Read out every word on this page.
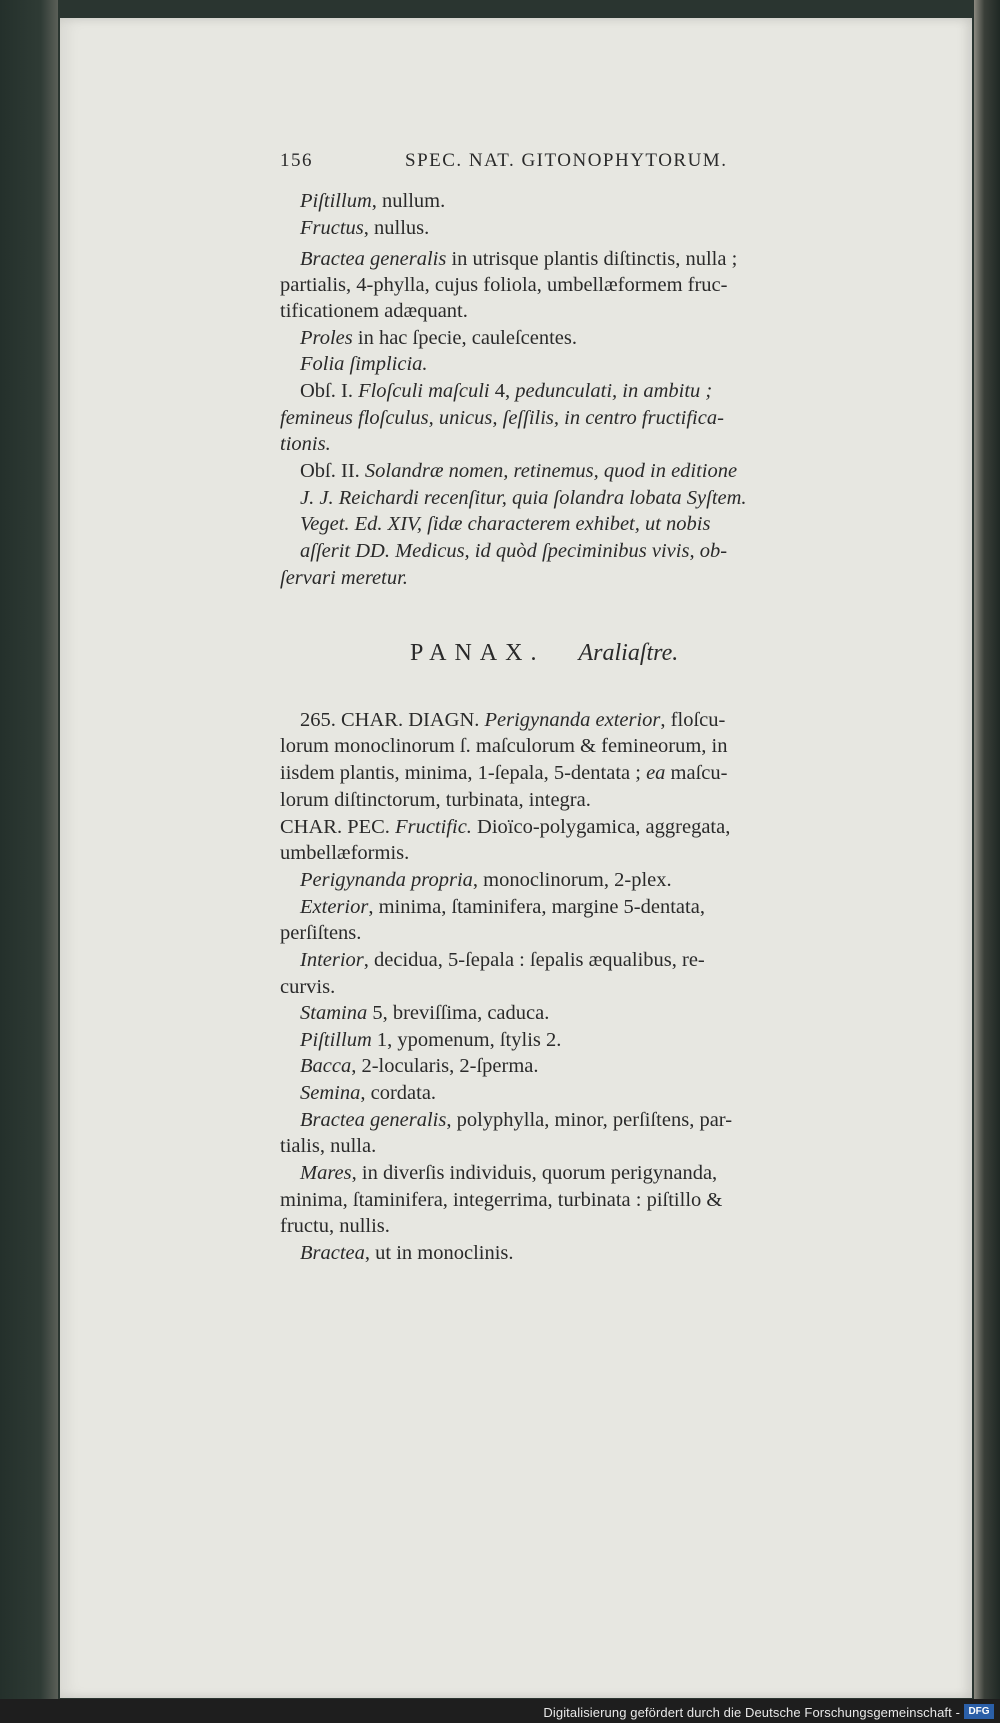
156	SPEC. NAT. GITONOPHYTORUM.
Piſtillum, nullum.
Fructus, nullus.
Bractea generalis in utrisque plantis diſtinctis, nulla ;
partialis, 4-phylla, cujus foliola, umbellæformem fruc-
tificationem adæquant.
Proles in hac ſpecie, cauleſcentes.
Folia ſimplicia.
Obſ. I. Floſculi maſculi 4, pedunculati, in ambitu ;
femineus floſculus, unicus, ſeſſilis, in centro fructifica-
tionis.
Obſ. II. Solandræ nomen, retinemus, quod in editione
J. J. Reichardi recenſitur, quia ſolandra lobata Syſtem.
Veget. Ed. XIV, ſidæ characterem exhibet, ut nobis
aſſerit DD. Medicus, id quòd ſpeciminibus vivis, ob-
ſervari meretur.
PANAX. Araliaſtre.
265. CHAR. DIAGN. Perigynanda exterior, floſcu-
lorum monoclinorum ſ. maſculorum & femineorum, in
iisdem plantis, minima, 1-ſepala, 5-dentata ; ea maſcu-
lorum diſtinctorum, turbinata, integra.
CHAR. PEC. Fructific. Dioïco-polygamica, aggregata,
umbellæformis.
Perigynanda propria, monoclinorum, 2-plex.
Exterior, minima, ſtaminifera, margine 5-dentata,
perſiſtens.
Interior, decidua, 5-ſepala : ſepalis æqualibus, re-
curvis.
Stamina 5, breviſſima, caduca.
Piſtillum 1, ypomenum, ſtylis 2.
Bacca, 2-locularis, 2-ſperma.
Semina, cordata.
Bractea generalis, polyphylla, minor, perſiſtens, par-
tialis, nulla.
Mares, in diverſis individuis, quorum perigynanda,
minima, ſtaminifera, integerrima, turbinata : piſtillo &
fructu, nullis.
Bractea, ut in monoclinis.
Digitalisierung gefördert durch die Deutsche Forschungsgemeinschaft - DFG
